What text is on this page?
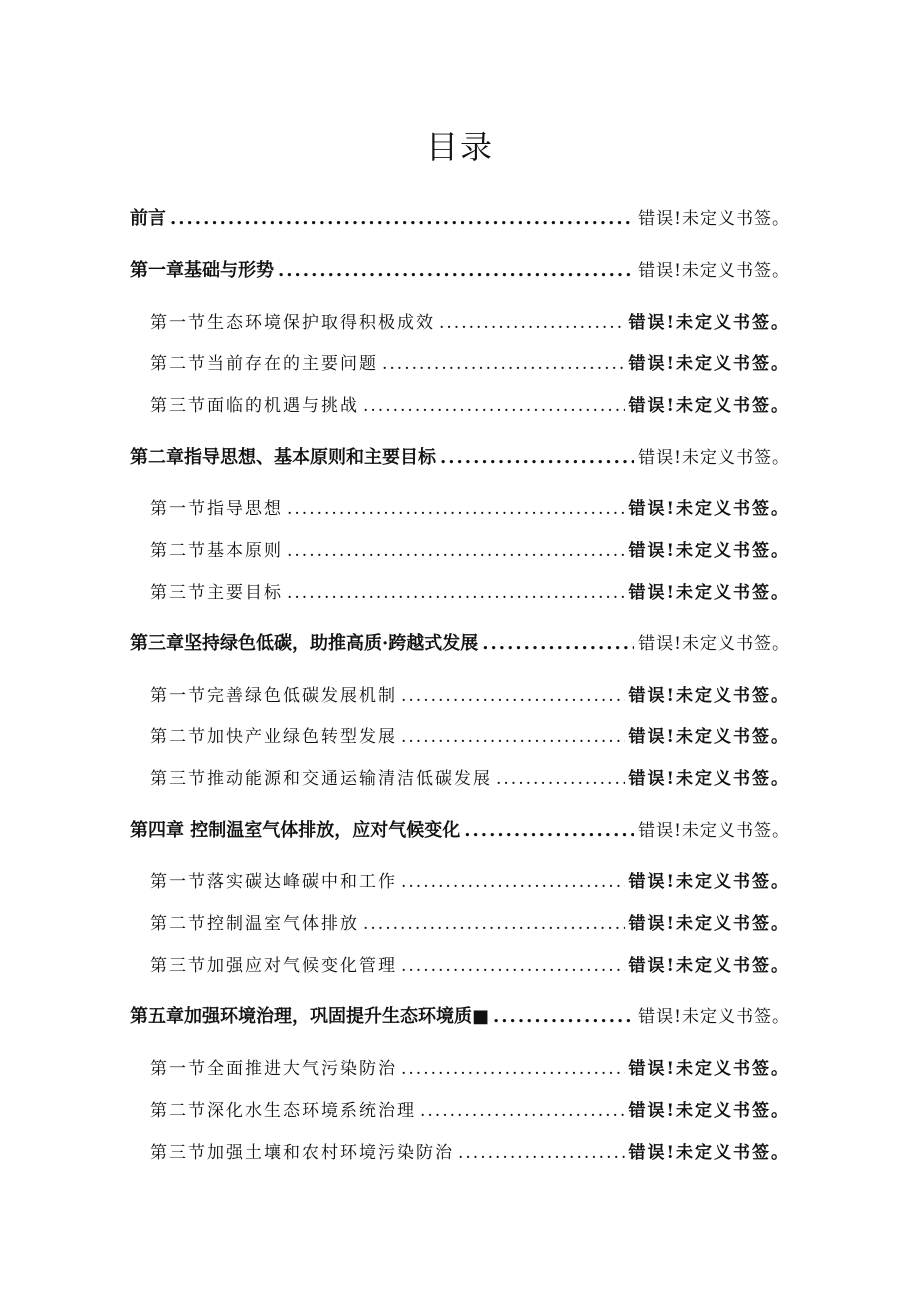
目录
前言 .....	错误!未定义书签。
第一章基础与形势 .....	错误!未定义书签。
第一节生态环境保护取得积极成效 .....	错误!未定义书签。
第二节当前存在的主要问题 .....	错误!未定义书签。
第三节面临的机遇与挑战 .....	错误!未定义书签。
第二章指导思想、基本原则和主要目标 .....	错误!未定义书签。
第一节指导思想 .....	错误!未定义书签。
第二节基本原则 .....	错误!未定义书签。
第三节主要目标 .....	错误!未定义书签。
第三章坚持绿色低碳，助推高质·跨越式发展 .....	错误!未定义书签。
第一节完善绿色低碳发展机制 .....	错误!未定义书签。
第二节加快产业绿色转型发展 .....	错误!未定义书签。
第三节推动能源和交通运输清洁低碳发展 .....	错误!未定义书签。
第四章 控制温室气体排放，应对气候变化 .....	错误!未定义书签。
第一节落实碳达峰碳中和工作 .....	错误!未定义书签。
第二节控制温室气体排放 .....	错误!未定义书签。
第三节加强应对气候变化管理 .....	错误!未定义书签。
第五章加强环境治理，巩固提升生态环境质■ .....	错误!未定义书签。
第一节全面推进大气污染防治 .....	错误!未定义书签。
第二节深化水生态环境系统治理 .....	错误!未定义书签。
第三节加强土壤和农村环境污染防治 .....	错误!未定义书签。
